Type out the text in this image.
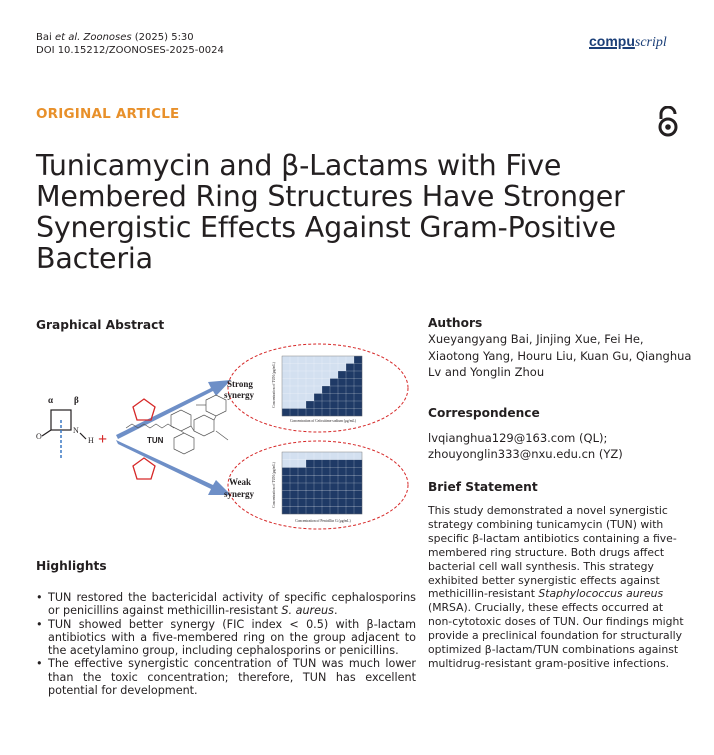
Bai et al. Zoonoses (2025) 5:30
DOI 10.15212/ZOONOSES-2025-0024
compuscripl
ORIGINAL ARTICLE
Tunicamycin and β-Lactams with Five Membered Ring Structures Have Stronger Synergistic Effects Against Gram-Positive Bacteria
Graphical Abstract
α β
O
N
H +	TUN
Strong
synergy
Weak
synergy
Concentration of Cefoxitime sodium (μg/mL)
Concentration of TUN (μg/mL)
Concentration of Penicillin G (μg/mL)
Concentration of TUN (μg/mL)
Highlights
• TUN restored the bactericidal activity of specific cephalosporins or penicillins against methicillin-resistant S. aureus.
• TUN showed better synergy (FIC index < 0.5) with β-lactam antibiotics with a five-membered ring on the group adjacent to the acetylamino group, including cephalosporins or penicillins.
• The effective synergistic concentration of TUN was much lower than the toxic concentration; therefore, TUN has excellent potential for development.
Authors
Xueyangyang Bai, Jinjing Xue, Fei He, Xiaotong Yang, Houru Liu, Kuan Gu, Qianghua Lv and Yonglin Zhou
Correspondence
lvqianghua129@163.com (QL);
zhouyonglin333@nxu.edu.cn (YZ)
Brief Statement
This study demonstrated a novel synergistic strategy combining tunicamycin (TUN) with specific β-lactam antibiotics containing a five-membered ring structure. Both drugs affect bacterial cell wall synthesis. This strategy exhibited better synergistic effects against methicillin-resistant Staphylococcus aureus (MRSA). Crucially, these effects occurred at non-cytotoxic doses of TUN. Our findings might provide a preclinical foundation for structurally optimized β-lactam/TUN combinations against multidrug-resistant gram-positive infections.
